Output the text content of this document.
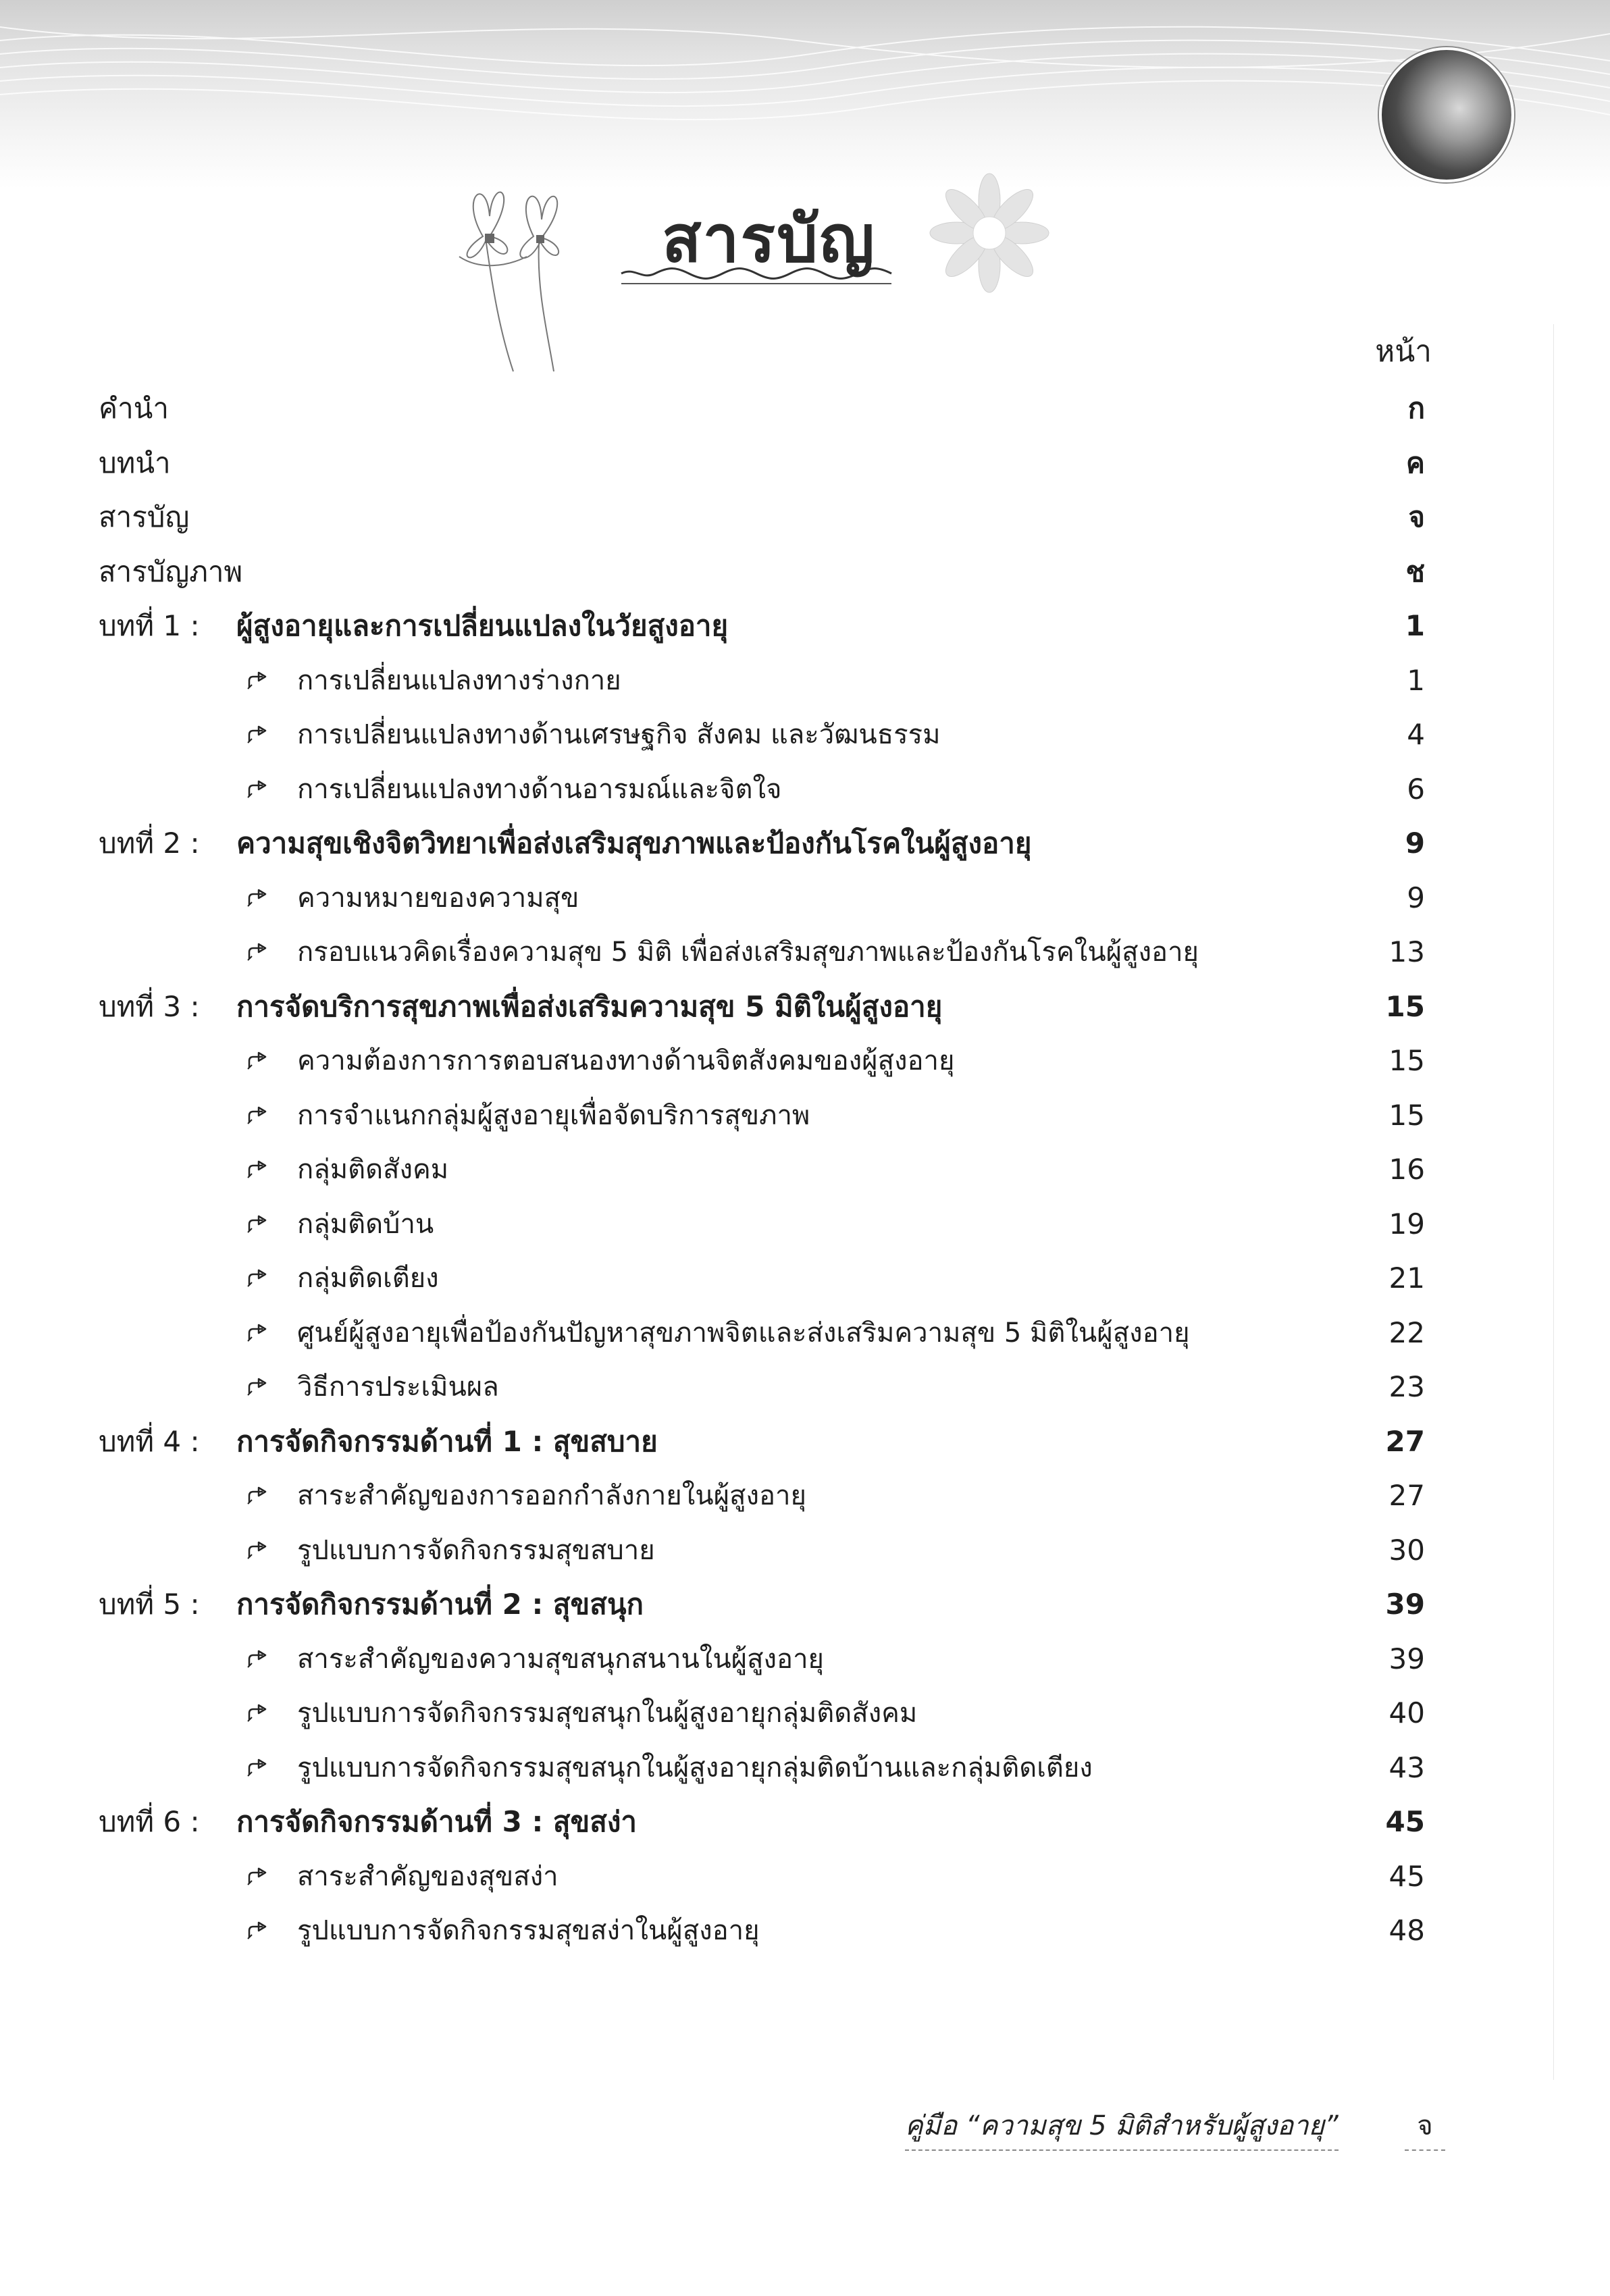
สารบัญ
หน้า
คำนำ	ก
บทนำ	ค
สารบัญ	จ
สารบัญภาพ	ช
บทที่ 1 : ผู้สูงอายุและการเปลี่ยนแปลงในวัยสูงอายุ	1
การเปลี่ยนแปลงทางร่างกาย	1
การเปลี่ยนแปลงทางด้านเศรษฐกิจ สังคม และวัฒนธรรม	4
การเปลี่ยนแปลงทางด้านอารมณ์และจิตใจ	6
บทที่ 2 : ความสุขเชิงจิตวิทยาเพื่อส่งเสริมสุขภาพและป้องกันโรคในผู้สูงอายุ	9
ความหมายของความสุข	9
กรอบแนวคิดเรื่องความสุข 5 มิติ เพื่อส่งเสริมสุขภาพและป้องกันโรคในผู้สูงอายุ	13
บทที่ 3 : การจัดบริการสุขภาพเพื่อส่งเสริมความสุข 5 มิติในผู้สูงอายุ	15
ความต้องการการตอบสนองทางด้านจิตสังคมของผู้สูงอายุ	15
การจำแนกกลุ่มผู้สูงอายุเพื่อจัดบริการสุขภาพ	15
กลุ่มติดสังคม	16
กลุ่มติดบ้าน	19
กลุ่มติดเตียง	21
ศูนย์ผู้สูงอายุเพื่อป้องกันปัญหาสุขภาพจิตและส่งเสริมความสุข 5 มิติในผู้สูงอายุ	22
วิธีการประเมินผล	23
บทที่ 4 : การจัดกิจกรรมด้านที่ 1 : สุขสบาย	27
สาระสำคัญของการออกกำลังกายในผู้สูงอายุ	27
รูปแบบการจัดกิจกรรมสุขสบาย	30
บทที่ 5 : การจัดกิจกรรมด้านที่ 2 : สุขสนุก	39
สาระสำคัญของความสุขสนุกสนานในผู้สูงอายุ	39
รูปแบบการจัดกิจกรรมสุขสนุกในผู้สูงอายุกลุ่มติดสังคม	40
รูปแบบการจัดกิจกรรมสุขสนุกในผู้สูงอายุกลุ่มติดบ้านและกลุ่มติดเตียง	43
บทที่ 6 : การจัดกิจกรรมด้านที่ 3 : สุขสง่า	45
สาระสำคัญของสุขสง่า	45
รูปแบบการจัดกิจกรรมสุขสง่าในผู้สูงอายุ	48
คู่มือ “ความสุข 5 มิติสำหรับผู้สูงอายุ”	จ
